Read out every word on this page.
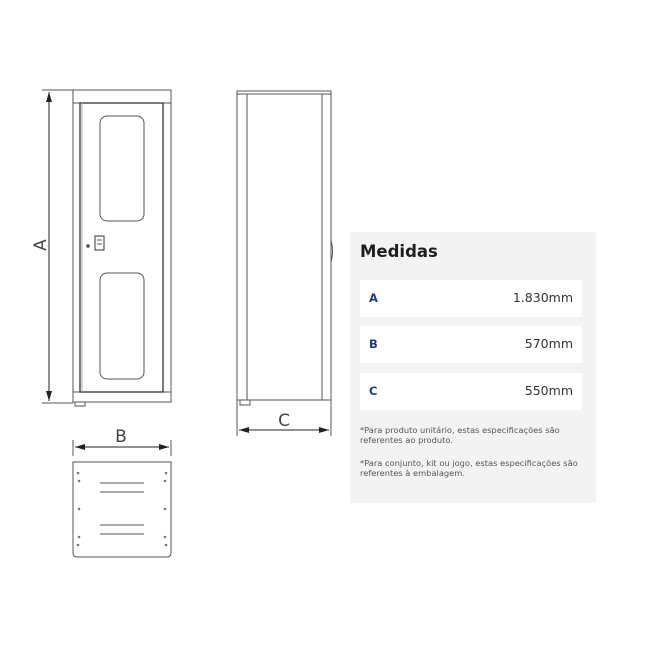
A
B
C
Medidas
A	1.830mm
B	570mm
C	550mm
*Para produto unitário, estas especificações são referentes ao produto.
*Para conjunto, kit ou jogo, estas especificações são referentes à embalagem.
